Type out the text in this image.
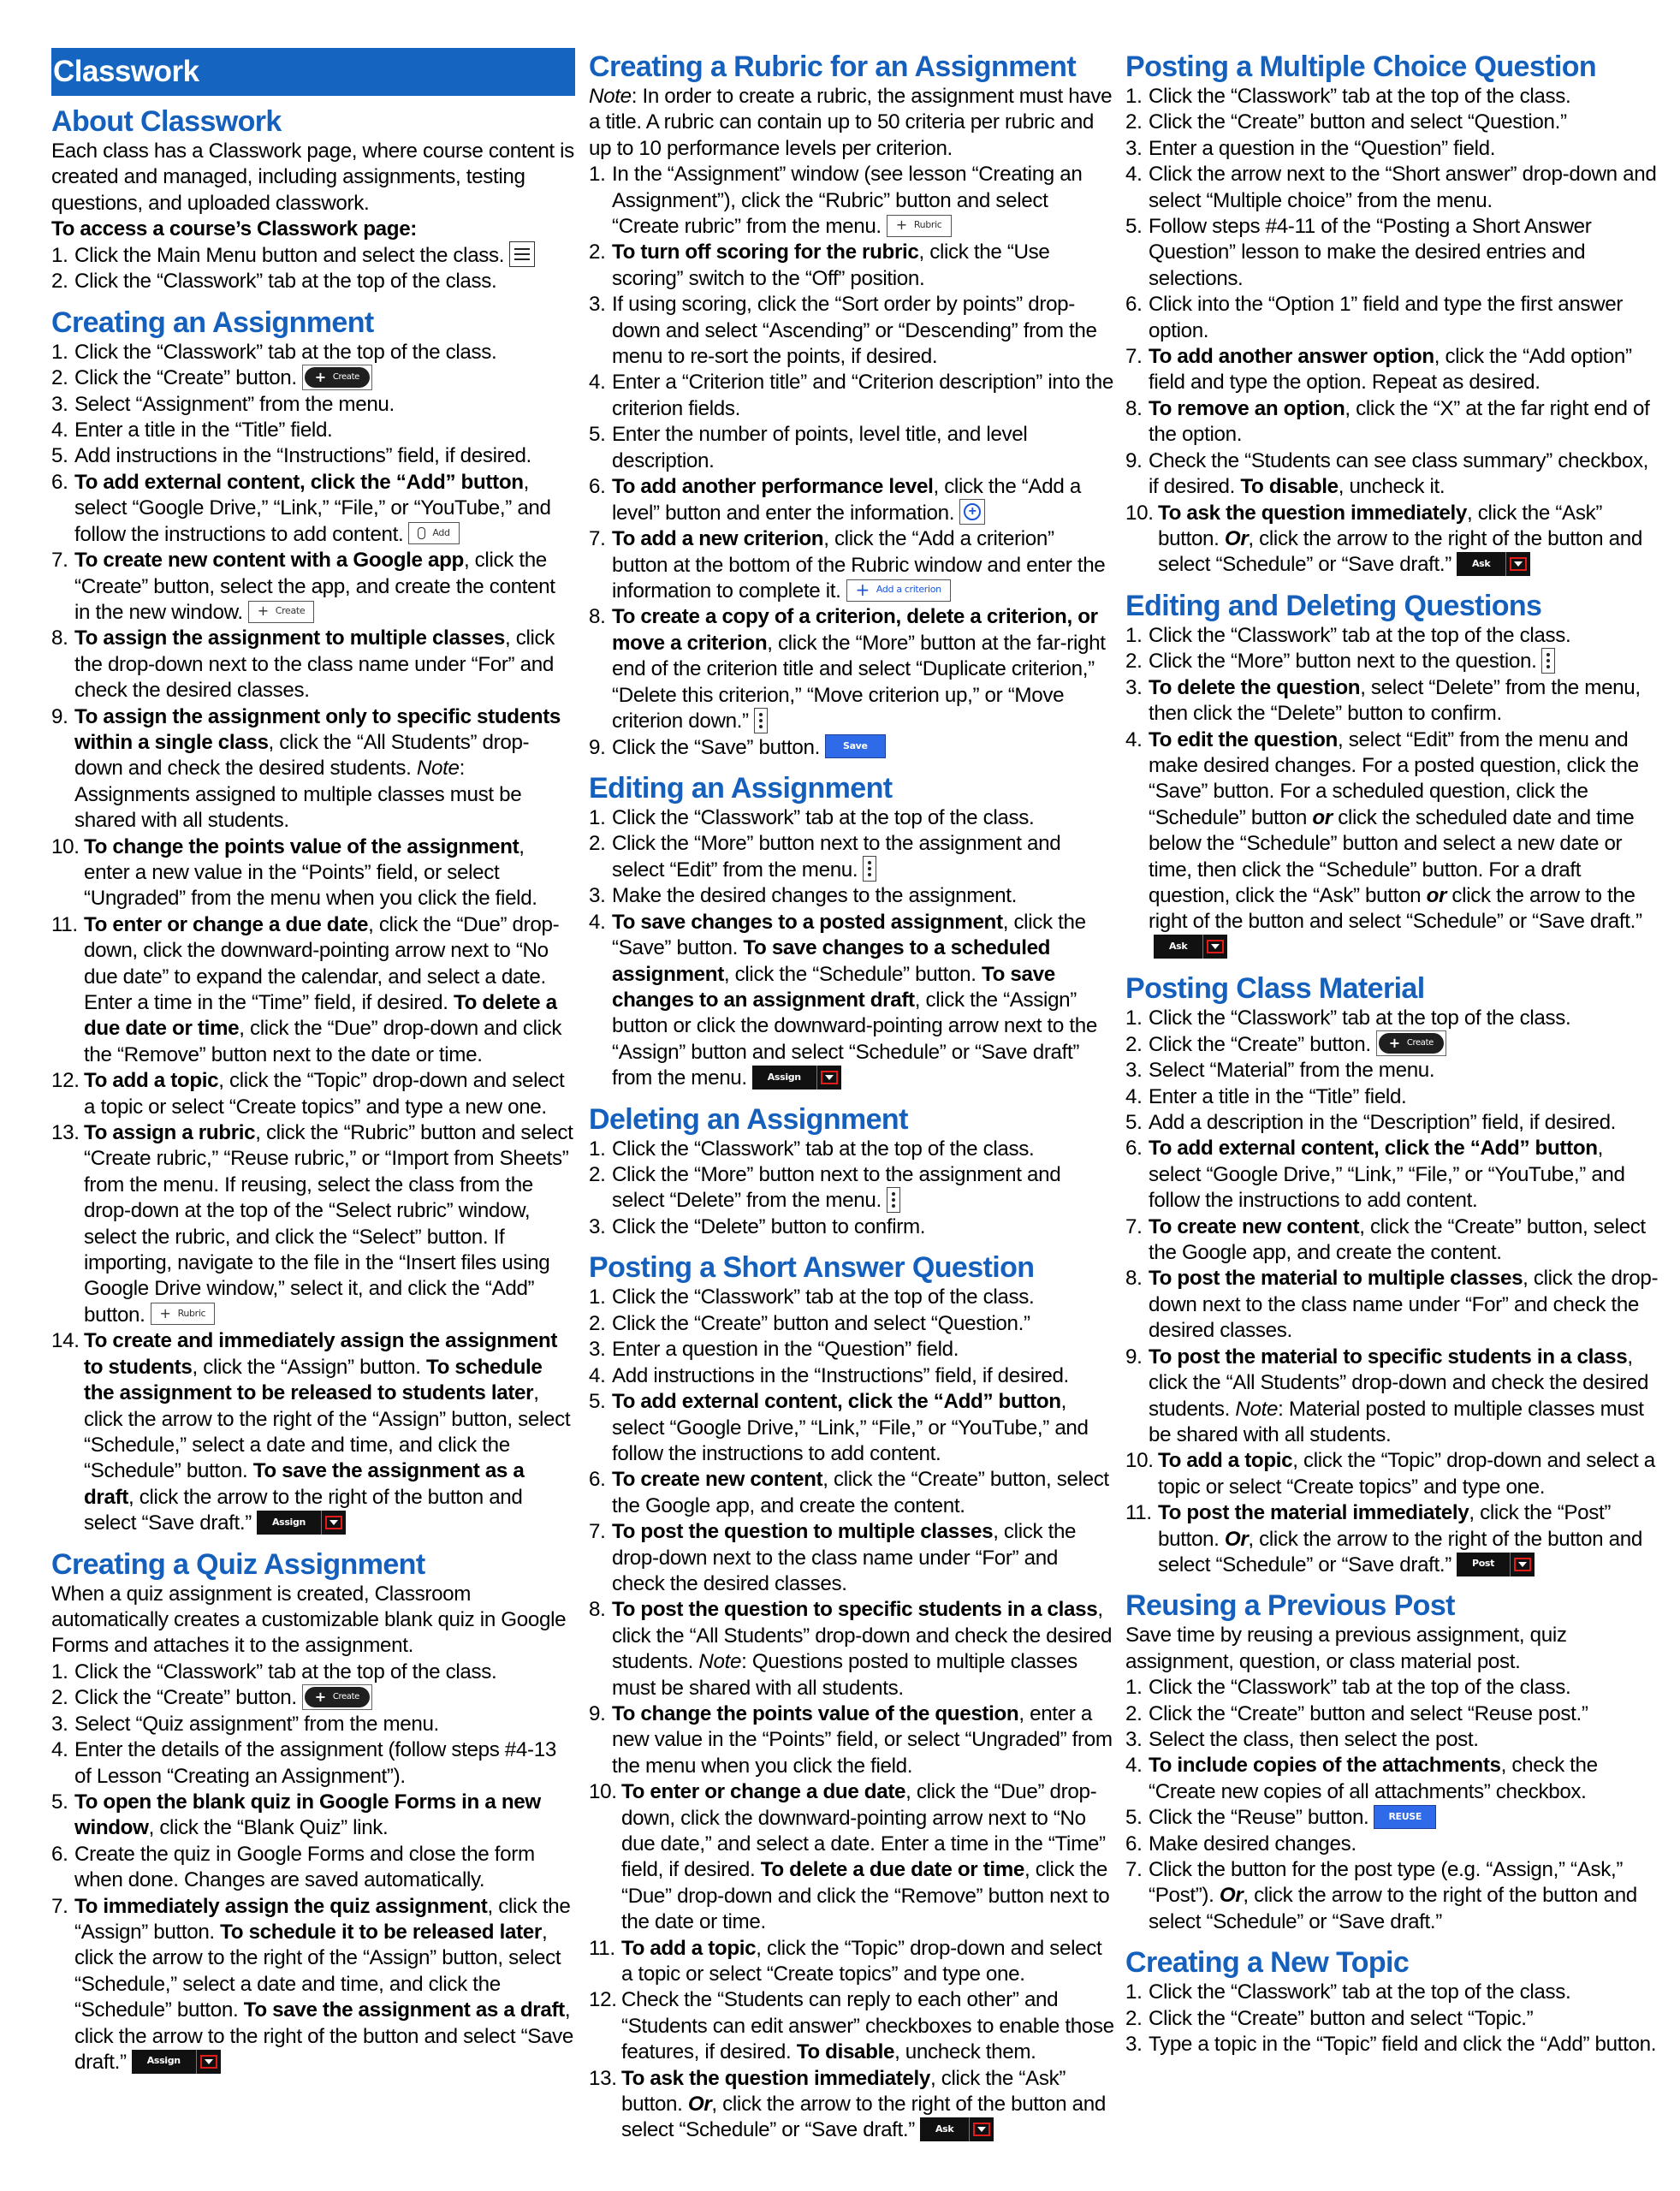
Classwork
About Classwork

Each class has a Classwork page, where course content is created and managed, including assignments, testing questions, and uploaded classwork.

To access a course’s Classwork page:

1. Click the Main Menu button and select the class.
2. Click the “Classwork” tab at the top of the class.
Creating an Assignment
1. Click the “Classwork” tab at the top of the class.
2. Click the “Create” button. + Create
3. Select “Assignment” from the menu.
4. Enter a title in the “Title” field.
5. Add instructions in the “Instructions” field, if desired.
6. To add external content, click the “Add” button, select “Google Drive,” “Link,” “File,” or “YouTube,” and follow the instructions to add content.	Add
7. To create new content with a Google app, click the “Create” button, select the app, and create the content in the new window. + Create
8. To assign the assignment to multiple classes, click the drop-down next to the class name under “For” and check the desired classes.
9. To assign the assignment only to specific students within a single class, click the “All Students” drop-down and check the desired students. Note: Assignments assigned to multiple classes must be shared with all students.
10. To change the points value of the assignment, enter a new value in the “Points” field, or select “Ungraded” from the menu when you click the field.
11. To enter or change a due date, click the “Due” drop-down, click the downward-pointing arrow next to “No due date” to expand the calendar, and select a date. Enter a time in the “Time” field, if desired. To delete a due date or time, click the “Due” drop-down and click the “Remove” button next to the date or time.
12. To add a topic, click the “Topic” drop-down and select a topic or select “Create topics” and type a new one.
13. To assign a rubric, click the “Rubric” button and select “Create rubric,” “Reuse rubric,” or “Import from Sheets” from the menu. If reusing, select the class from the drop-down at the top of the “Select rubric” window, select the rubric, and click the “Select” button. If importing, navigate to the file in the “Insert files using Google Drive window,” select it, and click the “Add” button. + Rubric
14. To create and immediately assign the assignment to students, click the “Assign” button. To schedule the assignment to be released to students later, click the arrow to the right of the “Assign” button, select “Schedule,” select a date and time, and click the “Schedule” button. To save the assignment as a draft, click the arrow to the right of the button and select “Save draft.”	Assign
Creating a Quiz Assignment

When a quiz assignment is created, Classroom automatically creates a customizable blank quiz in Google Forms and attaches it to the assignment.

1. Click the “Classwork” tab at the top of the class.
2. Click the “Create” button. + Create
3. Select “Quiz assignment” from the menu.
4. Enter the details of the assignment (follow steps #4-13 of Lesson “Creating an Assignment”).
5. To open the blank quiz in Google Forms in a new window, click the “Blank Quiz” link.
6. Create the quiz in Google Forms and close the form when done. Changes are saved automatically.
7. To immediately assign the quiz assignment, click the “Assign” button. To schedule it to be released later, click the arrow to the right of the “Assign” button, select “Schedule,” select a date and time, and click the “Schedule” button. To save the assignment as a draft, click the arrow to the right of the button and select “Save draft.”	Assign
Creating a Rubric for an Assignment

Note: In order to create a rubric, the assignment must have a title. A rubric can contain up to 50 criteria per rubric and up to 10 performance levels per criterion.

1. In the “Assignment” window (see lesson “Creating an Assignment”), click the “Rubric” button and select “Create rubric” from the menu. + Rubric
2. To turn off scoring for the rubric, click the “Use scoring” switch to the “Off” position.
3. If using scoring, click the “Sort order by points” drop-down and select “Ascending” or “Descending” from the menu to re-sort the points, if desired.
4. Enter a “Criterion title” and “Criterion description” into the criterion fields.
5. Enter the number of points, level title, and level description.
6. To add another performance level, click the “Add a level” button and enter the information.	+
7. To add a new criterion, click the “Add a criterion” button at the bottom of the Rubric window and enter the information to complete it. + Add a criterion
8. To create a copy of a criterion, delete a criterion, or move a criterion, click the “More” button at the far-right end of the criterion title and select “Duplicate criterion,” “Delete this criterion,” “Move criterion up,” or “Move criterion down.”
9. Click the “Save” button. Save
Editing an Assignment
1. Click the “Classwork” tab at the top of the class.
2. Click the “More” button next to the assignment and select “Edit” from the menu.
3. Make the desired changes to the assignment.
4. To save changes to a posted assignment, click the “Save” button. To save changes to a scheduled assignment, click the “Schedule” button. To save changes to an assignment draft, click the “Assign” button or click the downward-pointing arrow next to the “Assign” button and select “Schedule” or “Save draft” from the menu.	Assign
Deleting an Assignment
1. Click the “Classwork” tab at the top of the class.
2. Click the “More” button next to the assignment and select “Delete” from the menu.
3. Click the “Delete” button to confirm.
Posting a Short Answer Question
1. Click the “Classwork” tab at the top of the class.
2. Click the “Create” button and select “Question.”
3. Enter a question in the “Question” field.
4. Add instructions in the “Instructions” field, if desired.
5. To add external content, click the “Add” button, select “Google Drive,” “Link,” “File,” or “YouTube,” and follow the instructions to add content.
6. To create new content, click the “Create” button, select the Google app, and create the content.
7. To post the question to multiple classes, click the drop-down next to the class name under “For” and check the desired classes.
8. To post the question to specific students in a class, click the “All Students” drop-down and check the desired students. Note: Questions posted to multiple classes must be shared with all students.
9. To change the points value of the question, enter a new value in the “Points” field, or select “Ungraded” from the menu when you click the field.
10. To enter or change a due date, click the “Due” drop-down, click the downward-pointing arrow next to “No due date,” and select a date. Enter a time in the “Time” field, if desired. To delete a due date or time, click the “Due” drop-down and click the “Remove” button next to the date or time.
11. To add a topic, click the “Topic” drop-down and select a topic or select “Create topics” and type one.
12. Check the “Students can reply to each other” and “Students can edit answer” checkboxes to enable those features, if desired. To disable, uncheck them.
13. To ask the question immediately, click the “Ask” button. Or, click the arrow to the right of the button and select “Schedule” or “Save draft.”	Ask
Posting a Multiple Choice Question
1. Click the “Classwork” tab at the top of the class.
2. Click the “Create” button and select “Question.”
3. Enter a question in the “Question” field.
4. Click the arrow next to the “Short answer” drop-down and select “Multiple choice” from the menu.
5. Follow steps #4-11 of the “Posting a Short Answer Question” lesson to make the desired entries and selections.
6. Click into the “Option 1” field and type the first answer option.
7. To add another answer option, click the “Add option” field and type the option. Repeat as desired.
8. To remove an option, click the “X” at the far right end of the option.
9. Check the “Students can see class summary” checkbox, if desired. To disable, uncheck it.
10. To ask the question immediately, click the “Ask” button. Or, click the arrow to the right of the button and select “Schedule” or “Save draft.”	Ask
Editing and Deleting Questions
1. Click the “Classwork” tab at the top of the class.
2. Click the “More” button next to the question.
3. To delete the question, select “Delete” from the menu, then click the “Delete” button to confirm.
4. To edit the question, select “Edit” from the menu and make desired changes. For a posted question, click the “Save” button. For a scheduled question, click the “Schedule” button or click the scheduled date and time below the “Schedule” button and select a new date or time, then click the “Schedule” button. For a draft question, click the “Ask” button or click the arrow to the right of the button and select “Schedule” or “Save draft.”
Ask
Posting Class Material
1. Click the “Classwork” tab at the top of the class.
2. Click the “Create” button. + Create
3. Select “Material” from the menu.
4. Enter a title in the “Title” field.
5. Add a description in the “Description” field, if desired.
6. To add external content, click the “Add” button, select “Google Drive,” “Link,” “File,” or “YouTube,” and follow the instructions to add content.
7. To create new content, click the “Create” button, select the Google app, and create the content.
8. To post the material to multiple classes, click the drop-down next to the class name under “For” and check the desired classes.
9. To post the material to specific students in a class, click the “All Students” drop-down and check the desired students. Note: Material posted to multiple classes must be shared with all students.
10. To add a topic, click the “Topic” drop-down and select a topic or select “Create topics” and type one.
11. To post the material immediately, click the “Post” button. Or, click the arrow to the right of the button and select “Schedule” or “Save draft.”	Post
Reusing a Previous Post

Save time by reusing a previous assignment, quiz assignment, question, or class material post.

1. Click the “Classwork” tab at the top of the class.
2. Click the “Create” button and select “Reuse post.”
3. Select the class, then select the post.
4. To include copies of the attachments, check the “Create new copies of all attachments” checkbox.
5. Click the “Reuse” button. REUSE
6. Make desired changes.
7. Click the button for the post type (e.g. “Assign,” “Ask,” “Post”). Or, click the arrow to the right of the button and select “Schedule” or “Save draft.”
Creating a New Topic
1. Click the “Classwork” tab at the top of the class.
2. Click the “Create” button and select “Topic.”
3. Type a topic in the “Topic” field and click the “Add” button.
